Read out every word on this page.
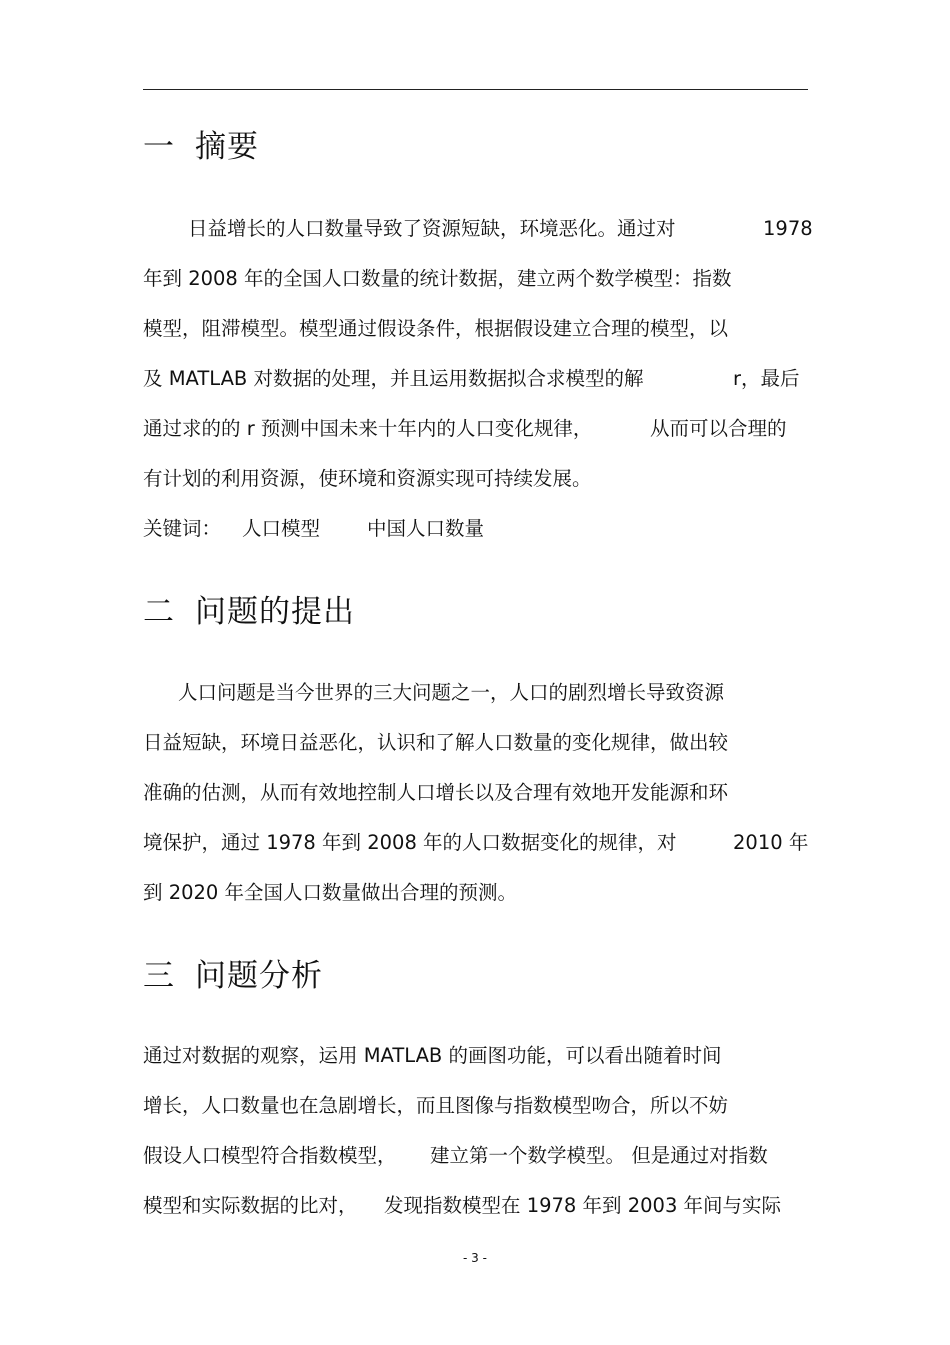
一 摘要

日益增长的人口数量导致了资源短缺，环境恶化。通过对	1978

年到 2008 年的全国人口数量的统计数据，建立两个数学模型：指数

模型，阻滞模型。模型通过假设条件，根据假设建立合理的模型，以

及 MATLAB 对数据的处理，并且运用数据拟合求模型的解	r，最后

通过求的的 r 预测中国未来十年内的人口变化规律，	从而可以合理的

有计划的利用资源，使环境和资源实现可持续发展。

关键词： 人口模型 中国人口数量

二 问题的提出

人口问题是当今世界的三大问题之一，人口的剧烈增长导致资源

日益短缺，环境日益恶化，认识和了解人口数量的变化规律，做出较

准确的估测，从而有效地控制人口增长以及合理有效地开发能源和环

境保护，通过 1978 年到 2008 年的人口数据变化的规律，对	2010 年

到 2020 年全国人口数量做出合理的预测。

三 问题分析

通过对数据的观察，运用 MATLAB 的画图功能，可以看出随着时间

增长，人口数量也在急剧增长，而且图像与指数模型吻合，所以不妨

假设人口模型符合指数模型， 建立第一个数学模型。 但是通过对指数

模型和实际数据的比对， 发现指数模型在 1978 年到 2003 年间与实际

- 3 -
